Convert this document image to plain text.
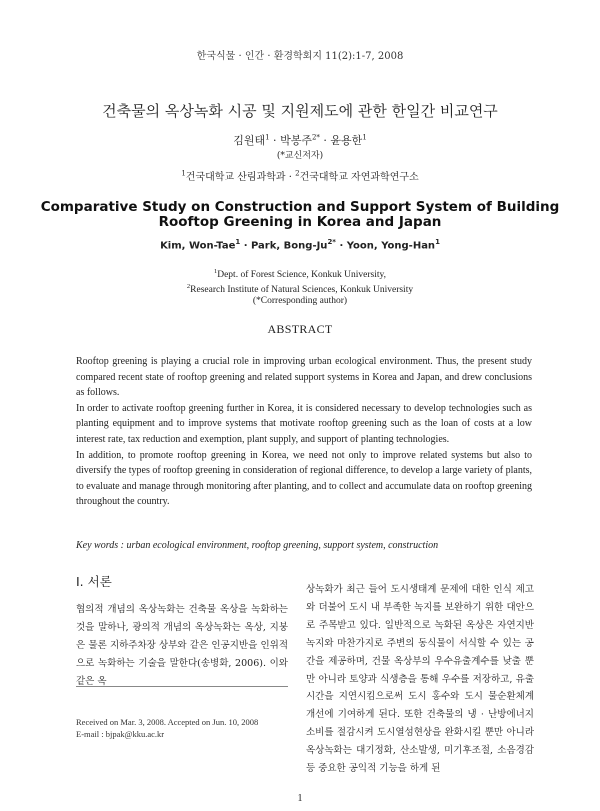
한국식물 · 인간 · 환경학회지 11(2):1-7, 2008
건축물의 옥상녹화 시공 및 지원제도에 관한 한일간 비교연구
김원태$^1$ · 박봉주$^{2*}$ · 윤용한$^1$
(*교신저자)
$^1$건국대학교 산림과학과 · $^2$건국대학교 자연과학연구소
Comparative Study on Construction and Support System of Building
Rooftop Greening in Korea and Japan
Kim, Won-Tae$^1$ · Park, Bong-$Ju^{2*}$ · Yoon, Yong-Han$^1$
$^1$Dept. of Forest Science, Konkuk University,
$^2$Research Institute of Natural Sciences, Konkuk University
(*Corresponding author)
ABSTRACT

Rooftop greening is playing a crucial role in improving urban ecological environment. Thus, the present study compared recent state of rooftop greening and related support systems in Korea and Japan, and drew conclusions as follows.

In order to activate rooftop greening further in Korea, it is considered necessary to develop technologies such as planting equipment and to improve systems that motivate rooftop greening such as the loan of costs at a low interest rate, tax reduction and exemption, plant supply, and support of planting technologies.

In addition, to promote rooftop greening in Korea, we need not only to improve related systems but also to diversify the types of rooftop greening in consideration of regional difference, to develop a large variety of plants, to evaluate and manage through monitoring after planting, and to collect and accumulate data on rooftop greening throughout the country.

Key words : urban ecological environment, rooftop greening, support system, construction
Ⅰ. 서론

협의적 개념의 옥상녹화는 건축물 옥상을 녹화하는 것을 말하나, 광의적 개념의 옥상녹화는 옥상, 지붕은 물론 지하주차장 상부와 같은 인공지반을 인위적으로 녹화하는 기술을 말한다(송병화, 2006). 이와 같은 옥

Received on Mar. 3, 2008. Accepted on Jun. 10, 2008
E-mail : bjpak@kku.ac.kr

상녹화가 최근 들어 도시생태계 문제에 대한 인식 제고와 더불어 도시 내 부족한 녹지를 보완하기 위한 대안으로 주목받고 있다. 일반적으로 녹화된 옥상은 자연지반녹지와 마찬가지로 주변의 동식물이 서식할 수 있는 공간을 제공하며, 건물 옥상부의 우수유출계수를 낮출 뿐만 아니라 토양과 식생층을 통해 우수를 저장하고, 유출시간을 지연시킴으로써 도시 홍수와 도시 물순환체계 개선에 기여하게 된다. 또한 건축물의 냉 · 난방에너지 소비를 절감시켜 도시열섬현상을 완화시킬 뿐만 아니라 옥상녹화는 대기정화, 산소발생, 미기후조절, 소음경감 등 중요한 공익적 기능을 하게 된

1
